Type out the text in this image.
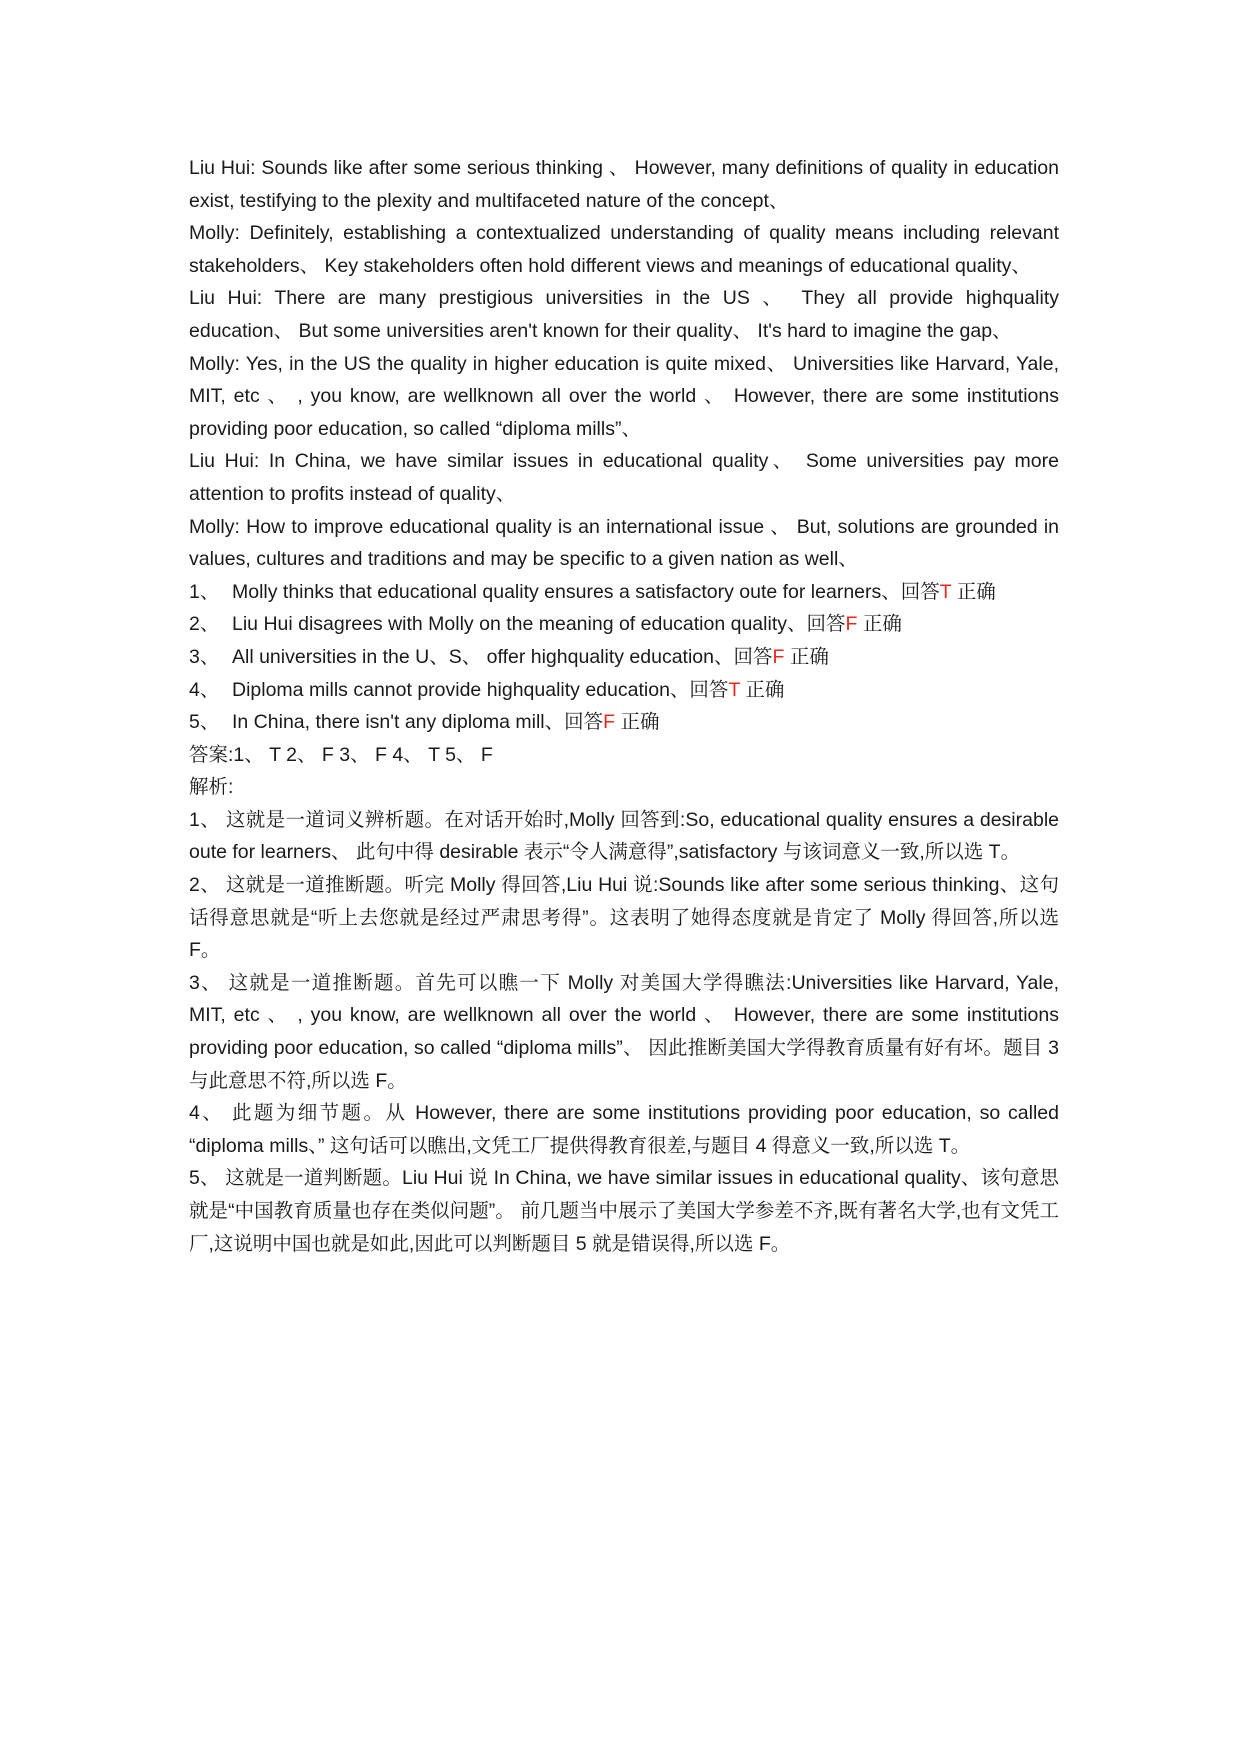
Liu Hui: Sounds like after some serious thinking 、 However, many definitions of quality in education exist, testifying to the plexity and multifaceted nature of the concept、

Molly: Definitely, establishing a contextualized understanding of quality means including relevant stakeholders、 Key stakeholders often hold different views and meanings of educational quality、

Liu Hui: There are many prestigious universities in the US 、 They all provide highquality education、 But some universities aren't known for their quality、 It's hard to imagine the gap、

Molly: Yes, in the US the quality in higher education is quite mixed、 Universities like Harvard, Yale, MIT, etc 、 , you know, are wellknown all over the world 、 However, there are some institutions providing poor education, so called “diploma mills”、

Liu Hui: In China, we have similar issues in educational quality、 Some universities pay more attention to profits instead of quality、

Molly: How to improve educational quality is an international issue 、 But, solutions are grounded in values, cultures and traditions and may be specific to a given nation as well、

1、 Molly thinks that educational quality ensures a satisfactory oute for learners、回答T 正确

2、 Liu Hui disagrees with Molly on the meaning of education quality、回答F 正确

3、 All universities in the U、S、 offer highquality education、回答F 正确

4、 Diploma mills cannot provide highquality education、回答T 正确

5、 In China, there isn't any diploma mill、回答F 正确

答案:1、 T 2、 F 3、 F 4、 T 5、 F

解析:

1、 这就是一道词义辨析题。在对话开始时,Molly 回答到:So, educational quality ensures a desirable oute for learners、 此句中得 desirable 表示“令人满意得”,satisfactory 与该词意义一致,所以选 T。

2、 这就是一道推断题。听完 Molly 得回答,Liu Hui 说:Sounds like after some serious thinking、这句话得意思就是“听上去您就是经过严肃思考得”。这表明了她得态度就是肯定了 Molly 得回答,所以选 F。

3、 这就是一道推断题。首先可以瞧一下 Molly 对美国大学得瞧法:Universities like Harvard, Yale, MIT, etc 、 , you know, are wellknown all over the world 、 However, there are some institutions providing poor education, so called “diploma mills”、 因此推断美国大学得教育质量有好有坏。题目 3 与此意思不符,所以选 F。

4、 此题为细节题。从 However, there are some institutions providing poor education, so called “diploma mills、” 这句话可以瞧出,文凭工厂提供得教育很差,与题目 4 得意义一致,所以选 T。

5、 这就是一道判断题。Liu Hui 说 In China, we have similar issues in educational quality、该句意思就是“中国教育质量也存在类似问题”。 前几题当中展示了美国大学参差不齐,既有著名大学,也有文凭工厂,这说明中国也就是如此,因此可以判断题目 5 就是错误得,所以选 F。
